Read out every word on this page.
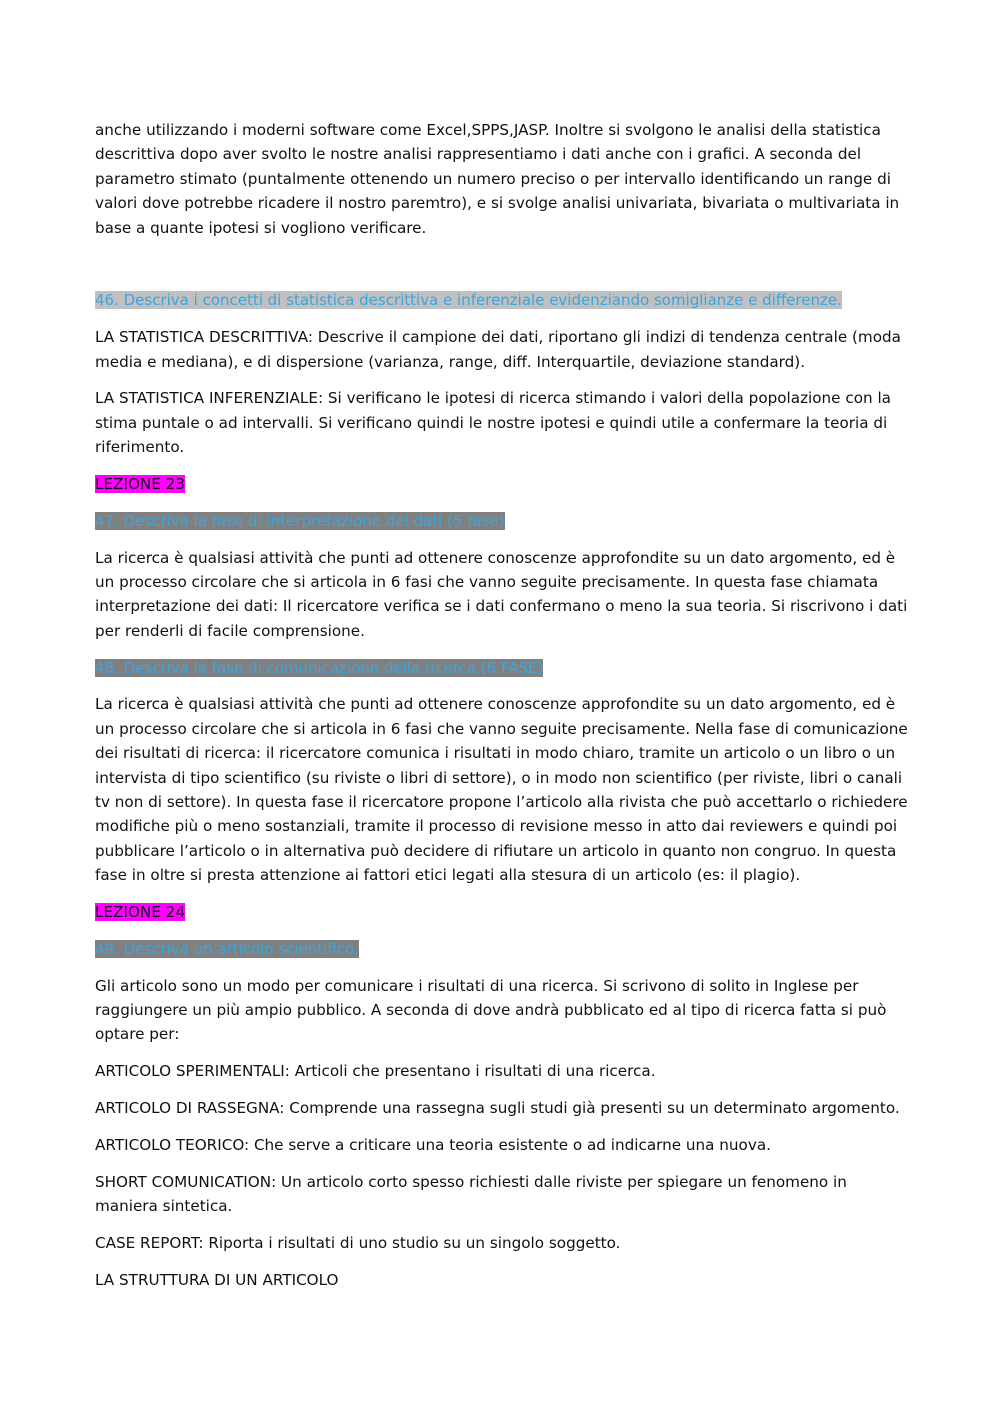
anche utilizzando i moderni software come Excel,SPPS,JASP. Inoltre si svolgono le analisi della statistica descrittiva dopo aver svolto le nostre analisi rappresentiamo i dati anche con i grafici. A seconda del parametro stimato (puntalmente ottenendo un numero preciso o per intervallo identificando un range di valori dove potrebbe ricadere il nostro paremtro), e si svolge analisi univariata, bivariata o multivariata in base a quante ipotesi si vogliono verificare.

46. Descriva i concetti di statistica descrittiva e inferenziale evidenziando somiglianze e differenze.

LA STATISTICA DESCRITTIVA: Descrive il campione dei dati, riportano gli indizi di tendenza centrale (moda media e mediana), e di dispersione (varianza, range, diff. Interquartile, deviazione standard).

LA STATISTICA INFERENZIALE: Si verificano le ipotesi di ricerca stimando i valori della popolazione con la stima puntale o ad intervalli. Si verificano quindi le nostre ipotesi e quindi utile a confermare la teoria di riferimento.

LEZIONE 23

47. Descriva la fase di interpretazione dei dati (5 fase)

La ricerca è qualsiasi attività che punti ad ottenere conoscenze approfondite su un dato argomento, ed è un processo circolare che si articola in 6 fasi che vanno seguite precisamente. In questa fase chiamata interpretazione dei dati: Il ricercatore verifica se i dati confermano o meno la sua teoria. Si riscrivono i dati per renderli di facile comprensione.

48. Descriva la fase di comunicazione della ricerca (6 FASE)

La ricerca è qualsiasi attività che punti ad ottenere conoscenze approfondite su un dato argomento, ed è un processo circolare che si articola in 6 fasi che vanno seguite precisamente. Nella fase di comunicazione dei risultati di ricerca: il ricercatore comunica i risultati in modo chiaro, tramite un articolo o un libro o un intervista di tipo scientifico (su riviste o libri di settore), o in modo non scientifico (per riviste, libri o canali tv non di settore). In questa fase il ricercatore propone l’articolo alla rivista che può accettarlo o richiedere modifiche più o meno sostanziali, tramite il processo di revisione messo in atto dai reviewers e quindi poi pubblicare l’articolo o in alternativa può decidere di rifiutare un articolo in quanto non congruo. In questa fase in oltre si presta attenzione ai fattori etici legati alla stesura di un articolo (es: il plagio).

LEZIONE 24

49. Descriva un articolo scientifico.

Gli articolo sono un modo per comunicare i risultati di una ricerca. Si scrivono di solito in Inglese per raggiungere un più ampio pubblico. A seconda di dove andrà pubblicato ed al tipo di ricerca fatta si può optare per:

ARTICOLO SPERIMENTALI: Articoli che presentano i risultati di una ricerca.

ARTICOLO DI RASSEGNA: Comprende una rassegna sugli studi già presenti su un determinato argomento.

ARTICOLO TEORICO: Che serve a criticare una teoria esistente o ad indicarne una nuova.

SHORT COMUNICATION: Un articolo corto spesso richiesti dalle riviste per spiegare un fenomeno in maniera sintetica.

CASE REPORT: Riporta i risultati di uno studio su un singolo soggetto.

LA STRUTTURA DI UN ARTICOLO
